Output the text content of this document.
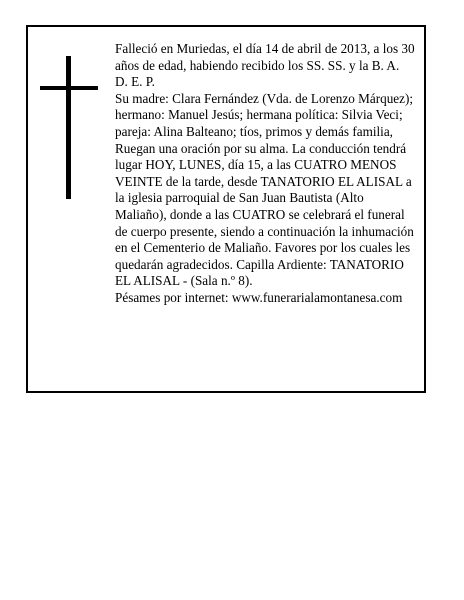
Falleció en Muriedas, el día 14 de abril de 2013, a los 30 años de edad, habiendo recibido los SS. SS. y la B. A.

D. E. P.

Su madre: Clara Fernández (Vda. de Lorenzo Márquez); hermano: Manuel Jesús; hermana política: Silvia Veci; pareja: Alina Balteano; tíos, primos y demás familia,

Ruegan una oración por su alma. La conducción tendrá lugar HOY, LUNES, día 15, a las CUATRO MENOS VEINTE de la tarde, desde TANATORIO EL ALISAL a la iglesia parroquial de San Juan Bautista (Alto Maliaño), donde a las CUATRO se celebrará el funeral de cuerpo presente, siendo a continuación la inhumación en el Cementerio de Maliaño. Favores por los cuales les quedarán agradecidos. Capilla Ardiente: TANATORIO EL ALISAL - (Sala n.º 8).

Pésames por internet: www.funerarialamontanesa.com
